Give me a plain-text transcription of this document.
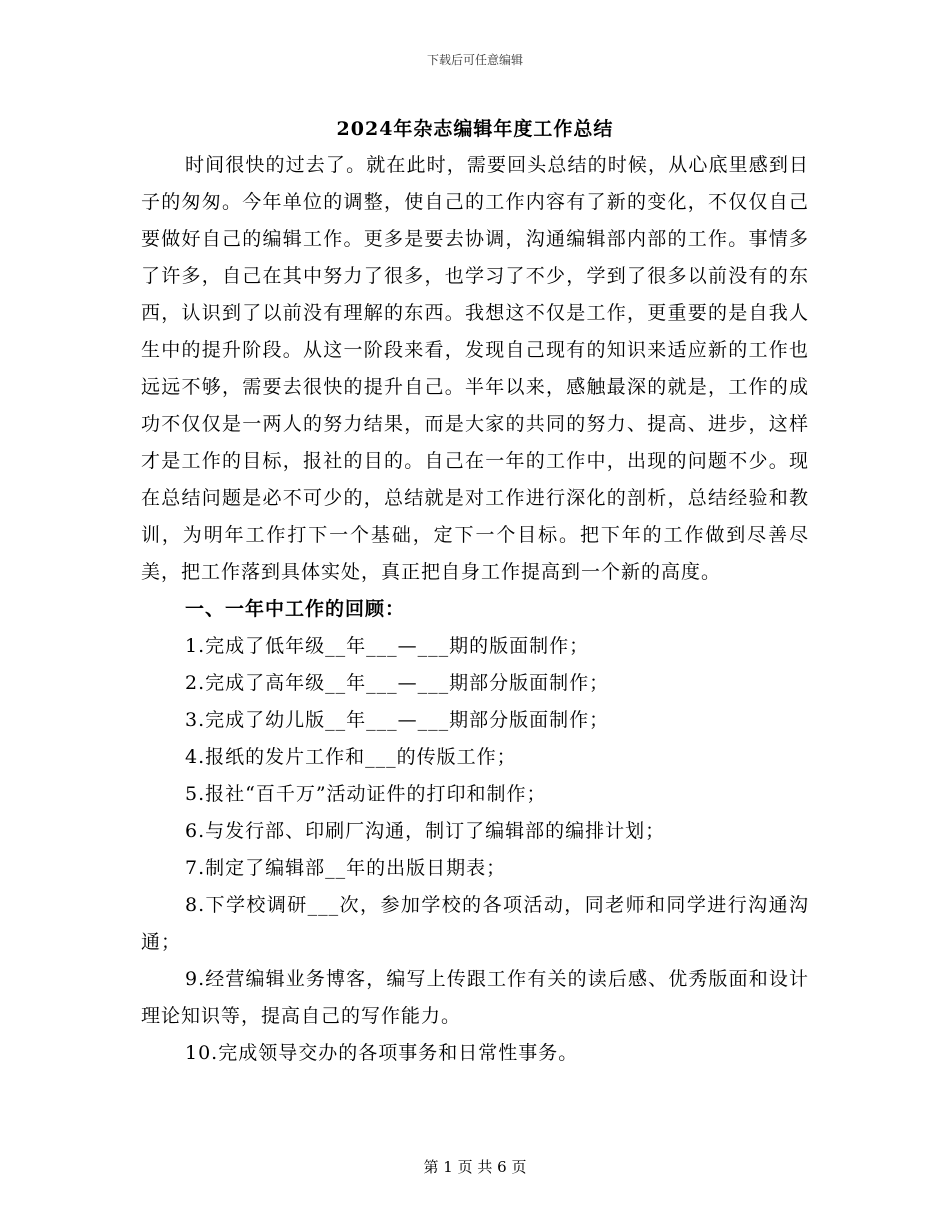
下载后可任意编辑
2024年杂志编辑年度工作总结

时间很快的过去了。就在此时，需要回头总结的时候，从心底里感到日子的匆匆。今年单位的调整，使自己的工作内容有了新的变化，不仅仅自己要做好自己的编辑工作。更多是要去协调，沟通编辑部内部的工作。事情多了许多，自己在其中努力了很多，也学习了不少，学到了很多以前没有的东西，认识到了以前没有理解的东西。我想这不仅是工作，更重要的是自我人生中的提升阶段。从这一阶段来看，发现自己现有的知识来适应新的工作也远远不够，需要去很快的提升自己。半年以来，感触最深的就是，工作的成功不仅仅是一两人的努力结果，而是大家的共同的努力、提高、进步，这样才是工作的目标，报社的目的。自己在一年的工作中，出现的问题不少。现在总结问题是必不可少的，总结就是对工作进行深化的剖析，总结经验和教训，为明年工作打下一个基础，定下一个目标。把下年的工作做到尽善尽美，把工作落到具体实处，真正把自身工作提高到一个新的高度。

一、一年中工作的回顾：

1.完成了低年级__年___—___期的版面制作；
2.完成了高年级__年___—___期部分版面制作；
3.完成了幼儿版__年___—___期部分版面制作；
4.报纸的发片工作和___的传版工作；
5.报社“百千万”活动证件的打印和制作；
6.与发行部、印刷厂沟通，制订了编辑部的编排计划；
7.制定了编辑部__年的出版日期表；
8.下学校调研___次，参加学校的各项活动，同老师和同学进行沟通沟通；
9.经营编辑业务博客，编写上传跟工作有关的读后感、优秀版面和设计理论知识等，提高自己的写作能力。
10.完成领导交办的各项事务和日常性事务。
第 1 页 共 6 页
